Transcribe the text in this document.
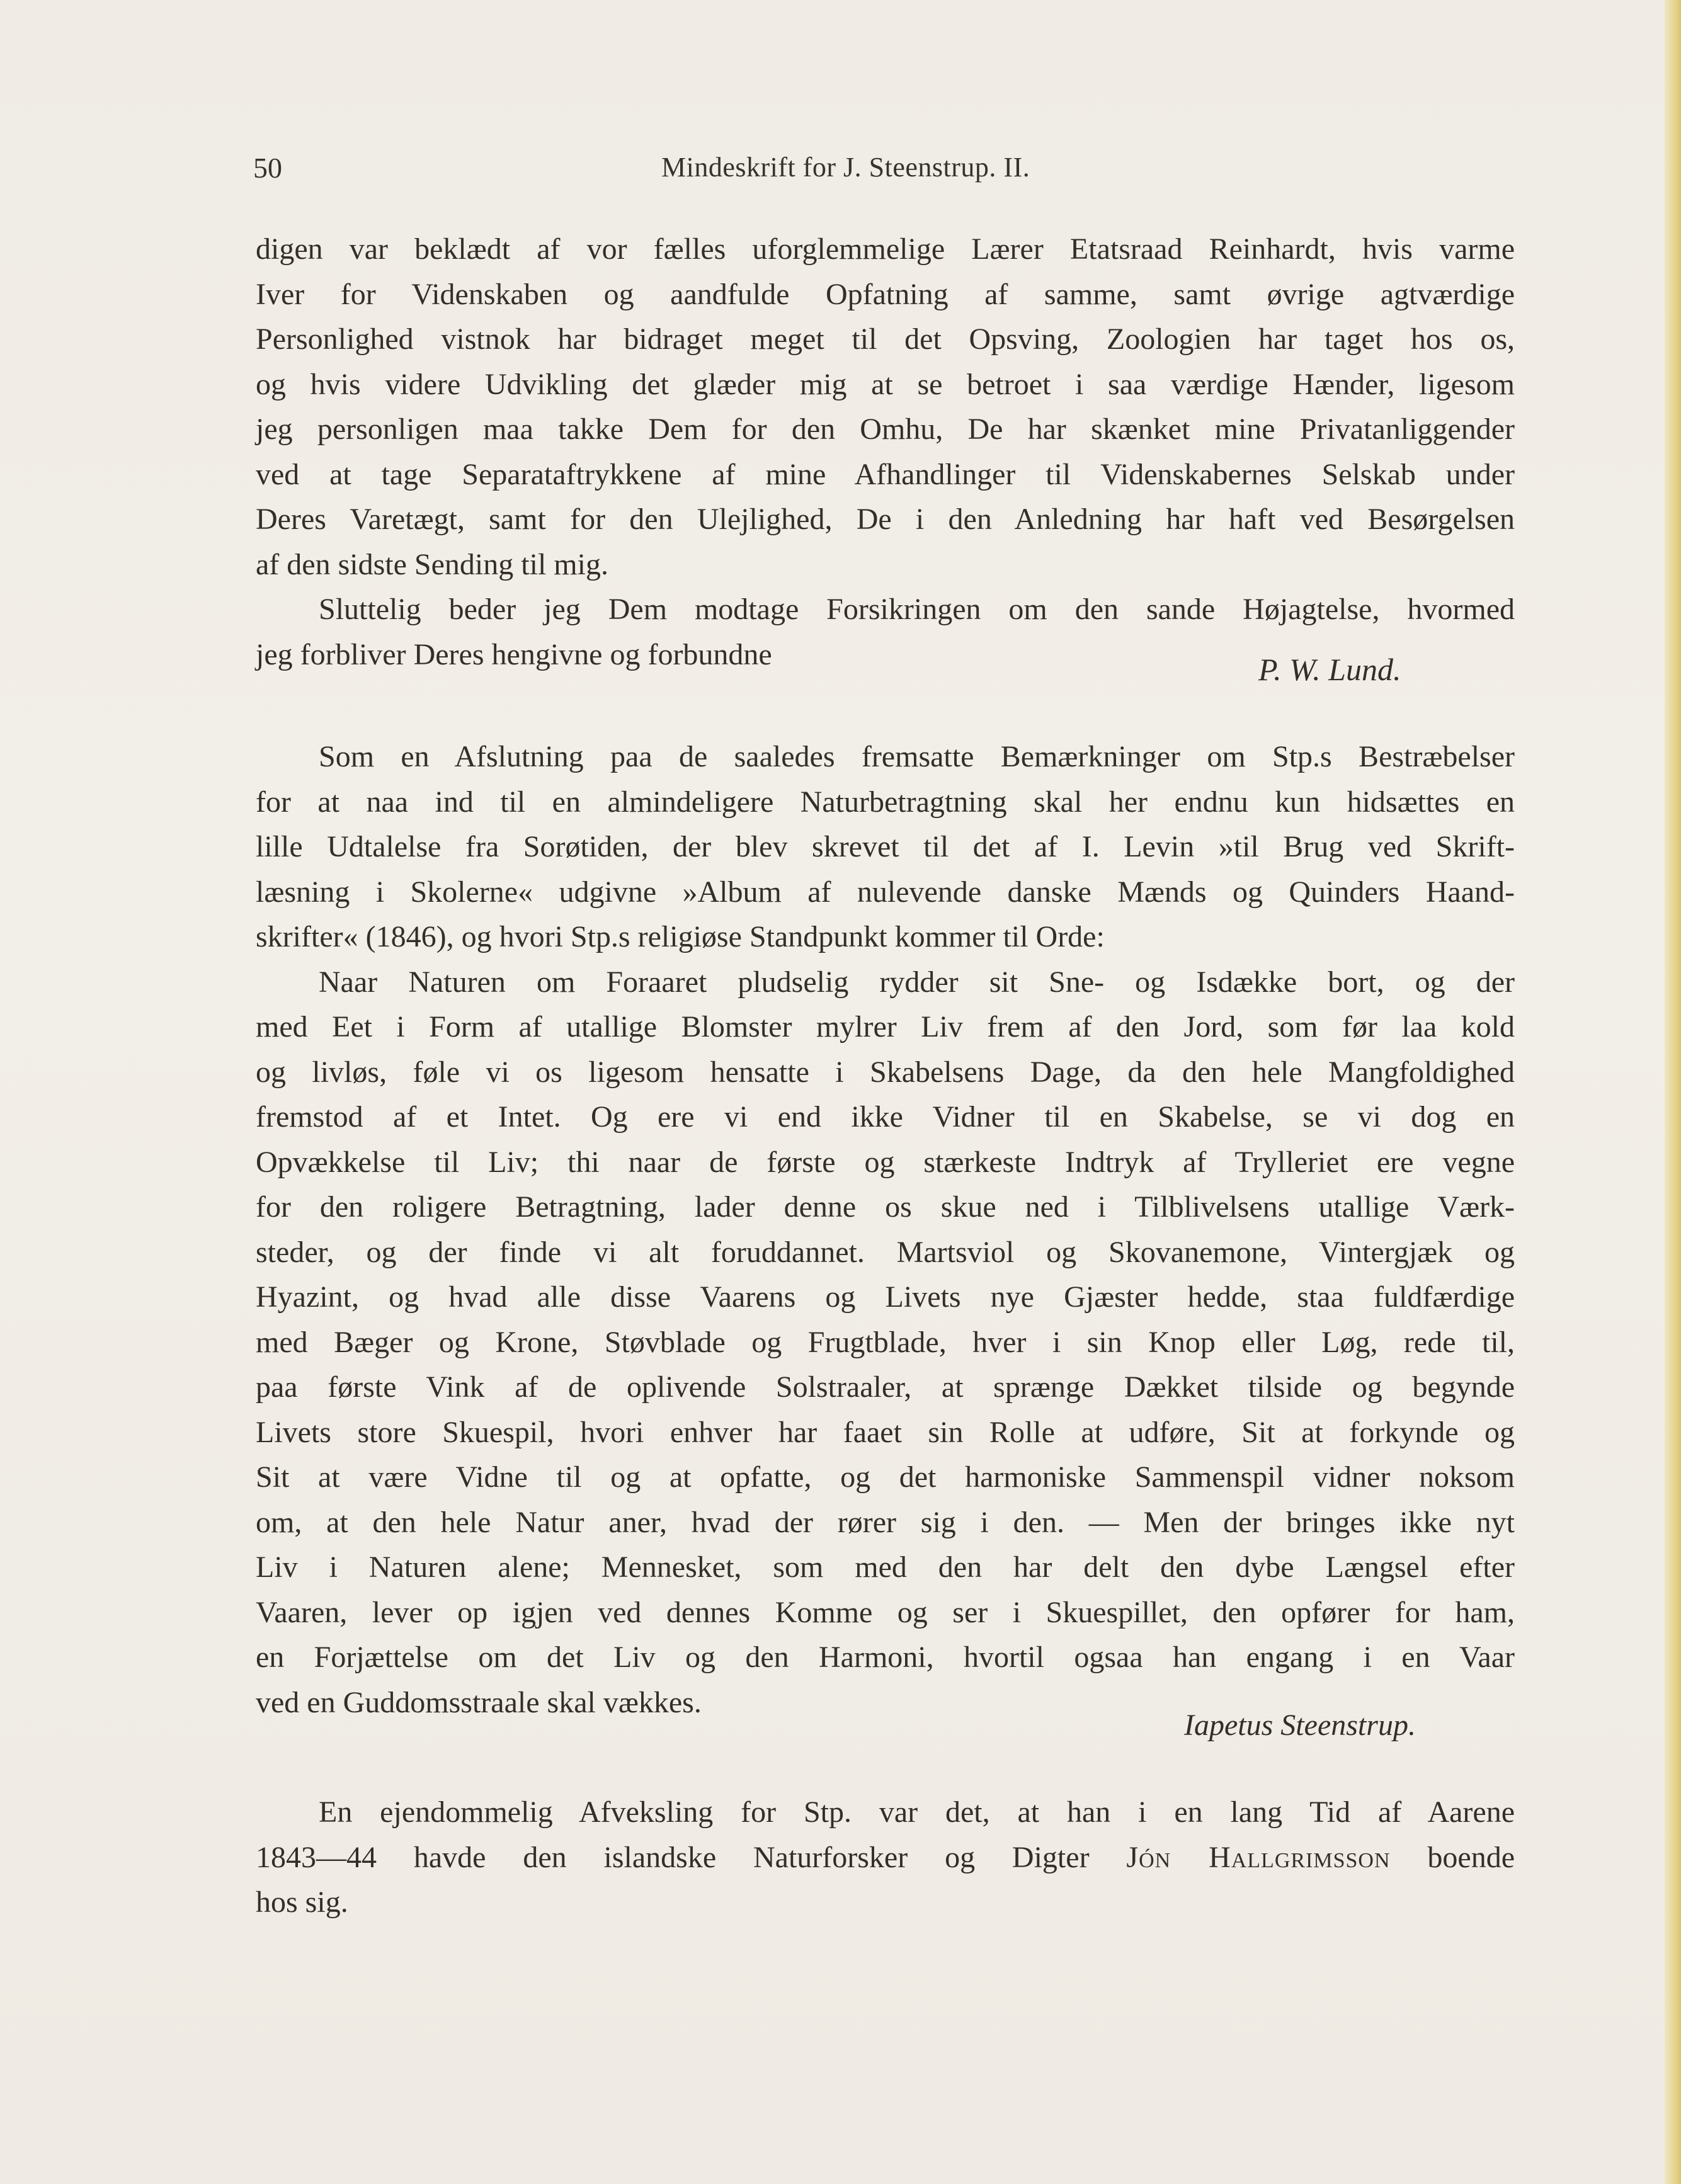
50	Mindeskrift for J. Steenstrup. II.
digen var beklædt af vor fælles uforglemmelige Lærer Etatsraad Reinhardt, hvis varme
Iver for Videnskaben og aandfulde Opfatning af samme, samt øvrige agtværdige
Personlighed vistnok har bidraget meget til det Opsving, Zoologien har taget hos os,
og hvis videre Udvikling det glæder mig at se betroet i saa værdige Hænder, ligesom
jeg personligen maa takke Dem for den Omhu, De har skænket mine Privatanliggender
ved at tage Separataftrykkene af mine Afhandlinger til Videnskabernes Selskab under
Deres Varetægt, samt for den Ulejlighed, De i den Anledning har haft ved Besørgelsen
af den sidste Sending til mig.
Sluttelig beder jeg Dem modtage Forsikringen om den sande Højagtelse, hvormed
jeg forbliver Deres hengivne og forbundne	P. W. Lund.
Som en Afslutning paa de saaledes fremsatte Bemærkninger om Stp.s Bestræbelser
for at naa ind til en almindeligere Naturbetragtning skal her endnu kun hidsættes en
lille Udtalelse fra Sorøtiden, der blev skrevet til det af I. Levin »til Brug ved Skrift-
læsning i Skolerne« udgivne »Album af nulevende danske Mænds og Quinders Haand-
skrifter« (1846), og hvori Stp.s religiøse Standpunkt kommer til Orde:
Naar Naturen om Foraaret pludselig rydder sit Sne- og Isdække bort, og der
med Eet i Form af utallige Blomster mylrer Liv frem af den Jord, som før laa kold
og livløs, føle vi os ligesom hensatte i Skabelsens Dage, da den hele Mangfoldighed
fremstod af et Intet. Og ere vi end ikke Vidner til en Skabelse, se vi dog en
Opvækkelse til Liv; thi naar de første og stærkeste Indtryk af Trylleriet ere vegne
for den roligere Betragtning, lader denne os skue ned i Tilblivelsens utallige Værk-
steder, og der finde vi alt foruddannet. Martsviol og Skovanemone, Vintergjæk og
Hyazint, og hvad alle disse Vaarens og Livets nye Gjæster hedde, staa fuldfærdige
med Bæger og Krone, Støvblade og Frugtblade, hver i sin Knop eller Løg, rede til,
paa første Vink af de oplivende Solstraaler, at sprænge Dækket tilside og begynde
Livets store Skuespil, hvori enhver har faaet sin Rolle at udføre, Sit at forkynde og
Sit at være Vidne til og at opfatte, og det harmoniske Sammenspil vidner noksom
om, at den hele Natur aner, hvad der rører sig i den. — Men der bringes ikke nyt
Liv i Naturen alene; Mennesket, som med den har delt den dybe Længsel efter
Vaaren, lever op igjen ved dennes Komme og ser i Skuespillet, den opfører for ham,
en Forjættelse om det Liv og den Harmoni, hvortil ogsaa han engang i en Vaar
ved en Guddomsstraale skal vækkes.
Iapetus Steenstrup.
En ejendommelig Afveksling for Stp. var det, at han i en lang Tid af Aarene
1843—44 havde den islandske Naturforsker og Digter Jón Hallgrimsson boende
hos sig.
